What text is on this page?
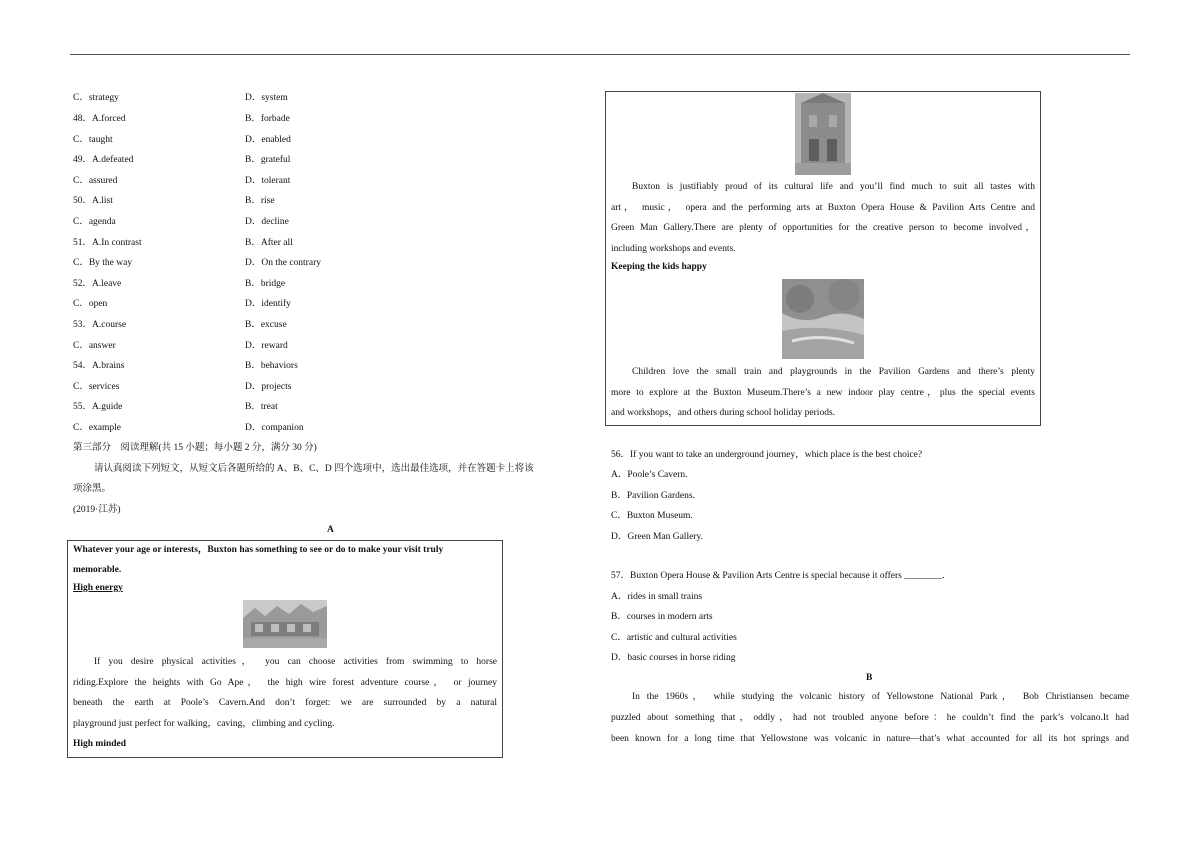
C．strategy	D．system
48．A.forced	B．forbade
C．taught	D．enabled
49．A.defeated	B．grateful
C．assured	D．tolerant
50．A.list	B．rise
C．agenda	D．decline
51．A.In contrast	B．After all
C．By the way	D．On the contrary
52．A.leave	B．bridge
C．open	D．identify
53．A.course	B．excuse
C．answer	D．reward
54．A.brains	B．behaviors
C．services	D．projects
55．A.guide	B．treat
C．example	D．companion
第三部分　阅读理解(共 15 小题；每小题 2 分，满分 30 分)
请认真阅读下列短文，从短文后各题所给的 A、B、C、D 四个选项中，选出最佳选项，并在答题卡上将该
项涂黑。
(2019·江苏)
A
Whatever your age or interests，Buxton has something to see or do to make your visit truly
memorable.
High energy
If you desire physical activities， you can choose activities from swimming to horse
riding.Explore the heights with Go Ape， the high wire forest adventure course， or journey
beneath the earth at Poole’s Cavern.And don’t forget: we are surrounded by a natural
playground just perfect for walking，caving，climbing and cycling.
High minded
Buxton is justifiably proud of its cultural life and you’ll find much to suit all tastes with
art， music， opera and the performing arts at Buxton Opera House & Pavilion Arts Centre and
Green Man Gallery.There are plenty of opportunities for the creative person to become involved，
including workshops and events.
Keeping the kids happy
Children love the small train and playgrounds in the Pavilion Gardens and there’s plenty
more to explore at the Buxton Museum.There’s a new indoor play centre，plus the special events
and workshops，and others during school holiday periods.
56．If you want to take an underground journey，which place is the best choice?
A．Poole’s Cavern.
B．Pavilion Gardens.
C．Buxton Museum.
D．Green Man Gallery.
57．Buxton Opera House & Pavilion Arts Centre is special because it offers ________.
A．rides in small trains
B．courses in modern arts
C．artistic and cultural activities
D．basic courses in horse riding
B
In the 1960s， while studying the volcanic history of Yellowstone National Park， Bob Christiansen became
puzzled about something that，oddly，had not troubled anyone before：he couldn’t find the park’s volcano.It had
been known for a long time that Yellowstone was volcanic in nature—that’s what accounted for all its hot springs and
